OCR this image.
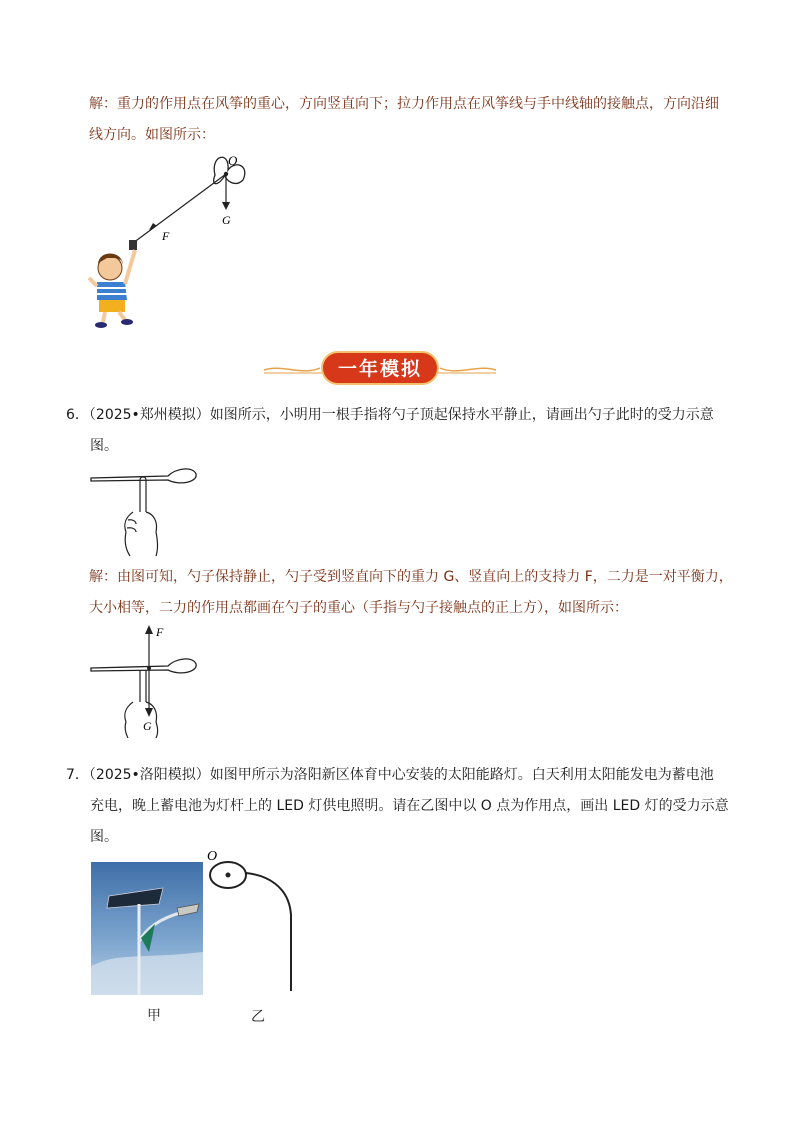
解：重力的作用点在风筝的重心，方向竖直向下；拉力作用点在风筝线与手中线轴的接触点，方向沿细
线方向。如图所示：
O
G
F
一年模拟
6．（2025•郑州模拟）如图所示，小明用一根手指将勺子顶起保持水平静止，请画出勺子此时的受力示意
图。
解：由图可知，勺子保持静止，勺子受到竖直向下的重力 G、竖直向上的支持力 F，二力是一对平衡力，
大小相等，二力的作用点都画在勺子的重心（手指与勺子接触点的正上方），如图所示：
F
G
7．（2025•洛阳模拟）如图甲所示为洛阳新区体育中心安装的太阳能路灯。白天利用太阳能发电为蓄电池
充电，晚上蓄电池为灯杆上的 LED 灯供电照明。请在乙图中以 O 点为作用点，画出 LED 灯的受力示意
图。
O
甲	乙
